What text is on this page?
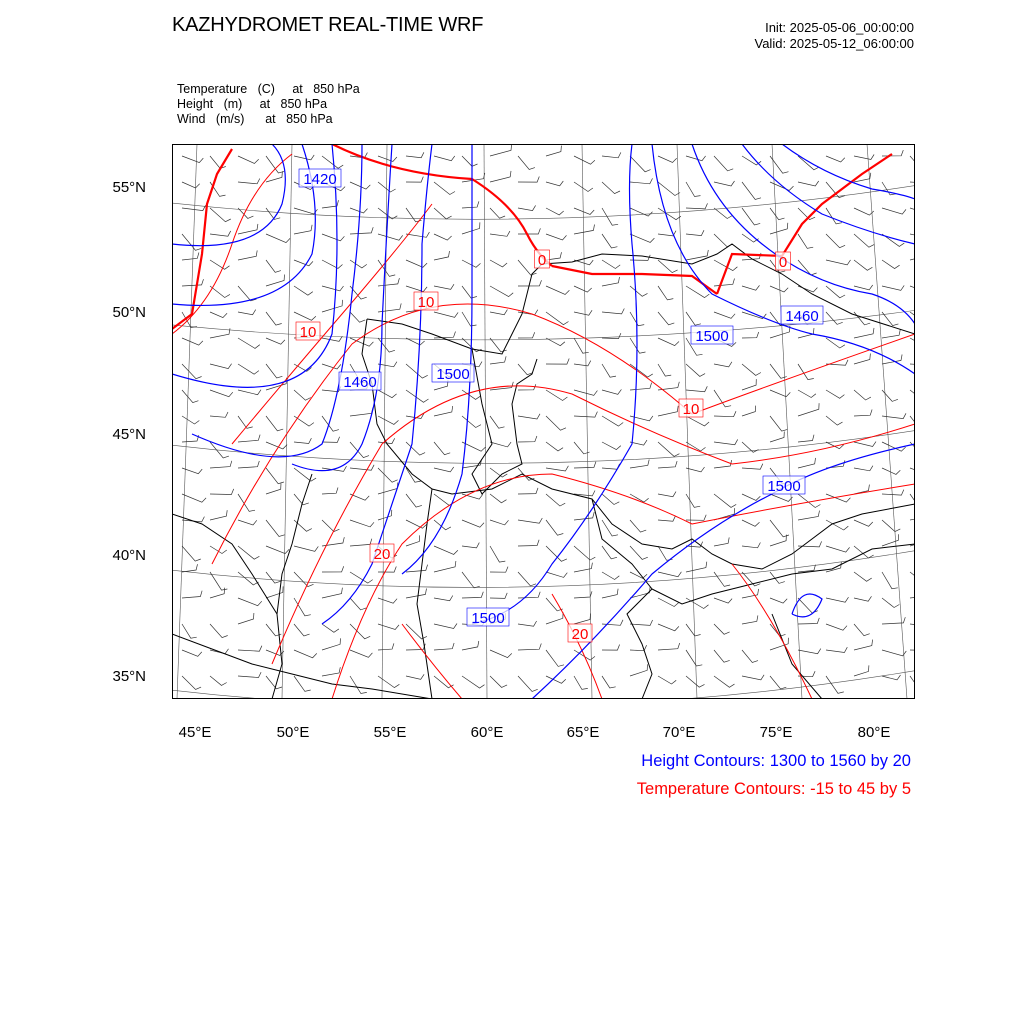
KAZHYDROMET REAL-TIME WRF	Init: 2025-05-06_00:00:00
Valid: 2025-05-12_06:00:00
Temperature (C)     at   850 hPa
Height (m)     at   850 hPa
Wind (m/s)      at   850 hPa
1420
1460	1500
1500
1460
1500
1500
0
10
10
10
20
20
0
55°N
50°N
45°N
40°N
35°N
45°E	50°E	55°E	60°E	65°E	70°E	75°E	80°E
Height Contours: 1300 to 1560 by 20
Temperature Contours: -15 to 45 by 5
